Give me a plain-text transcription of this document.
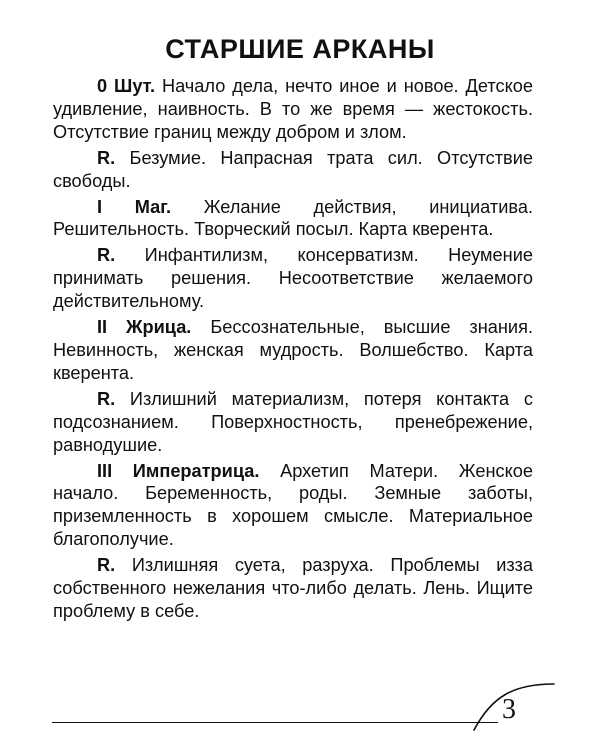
СТАРШИЕ АРКАНЫ

0 Шут. Начало дела, нечто иное и новое. Детское удивление, наивность. В то же время — жестокость. Отсутствие границ между добром и злом.

R. Безумие. Напрасная трата сил. Отсутствие свободы.

I Маг. Желание действия, инициатива. Решительность. Творческий посыл. Карта кверента.

R. Инфантилизм, консерватизм. Неумение принимать решения. Несоответствие желаемого действительному.

II Жрица. Бессознательные, высшие знания. Невинность, женская мудрость. Волшебство. Карта кверента.

R. Излишний материализм, потеря контакта с подсознанием. Поверхностность, пренебрежение, равнодушие.

III Императрица. Архетип Матери. Женское начало. Беременность, роды. Земные заботы, приземленность в хорошем смысле. Материальное благополучие.

R. Излишняя суета, разруха. Проблемы изза собственного нежелания что-либо делать. Лень. Ищите проблему в себе.

3
